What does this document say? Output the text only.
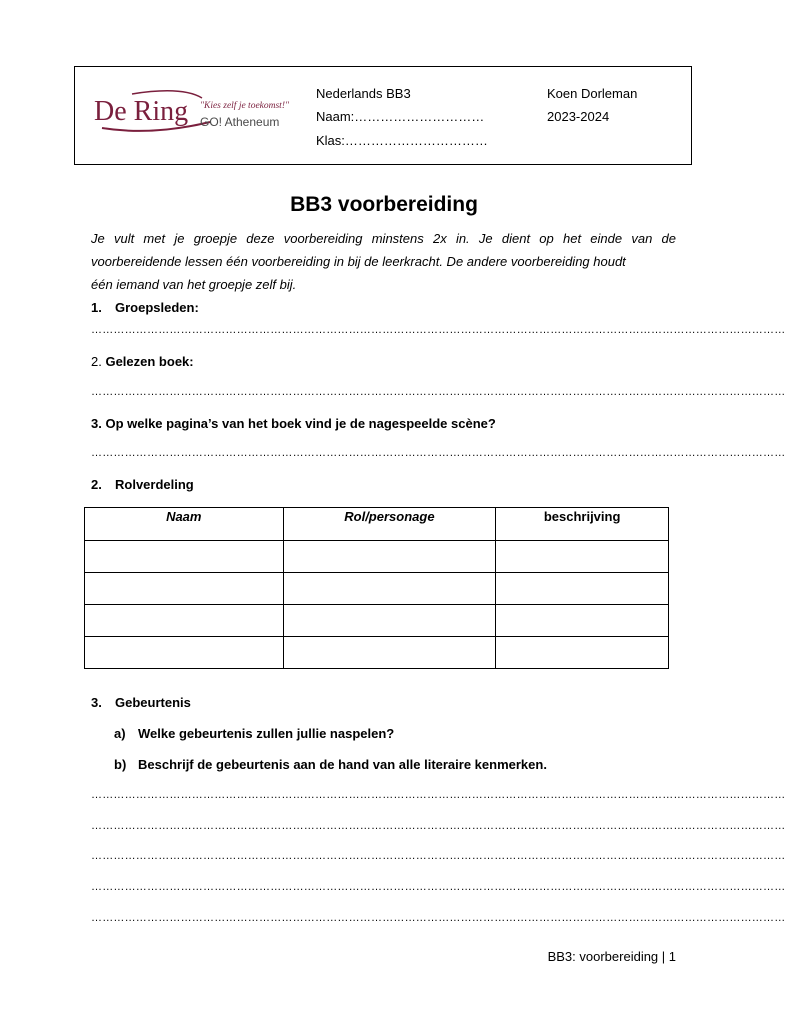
De Ring "Kies zelf je toekomst!"
GO! Atheneum
Nederlands BB3
Naam:…………………………
Klas:……………………………
Koen Dorleman
2023-2024
BB3 voorbereiding
Je vult met je groepje deze voorbereiding minstens 2x in. Je dient op het einde van de voorbereidende lessen één voorbereiding in bij de leerkracht. De andere voorbereiding houdt
één iemand van het groepje zelf bij.
1. Groepsleden:
……………………………………………………………………………………………………………………………………………………………………
2. Gelezen boek:
……………………………………………………………………………………………………………………………………………………………………
3. Op welke pagina’s van het boek vind je de nagespeelde scène?
……………………………………………………………………………………………………………………………………………………………………
2. Rolverdeling
Naam	Rol/personage	beschrijving

3. Gebeurtenis
a) Welke gebeurtenis zullen jullie naspelen?
b) Beschrijf de gebeurtenis aan de hand van alle literaire kenmerken.
……………………………………………………………………………………………………………………………………………………………………
……………………………………………………………………………………………………………………………………………………………………
……………………………………………………………………………………………………………………………………………………………………
……………………………………………………………………………………………………………………………………………………………………
……………………………………………………………………………………………………………………………………………………………………
BB3: voorbereiding | 1
